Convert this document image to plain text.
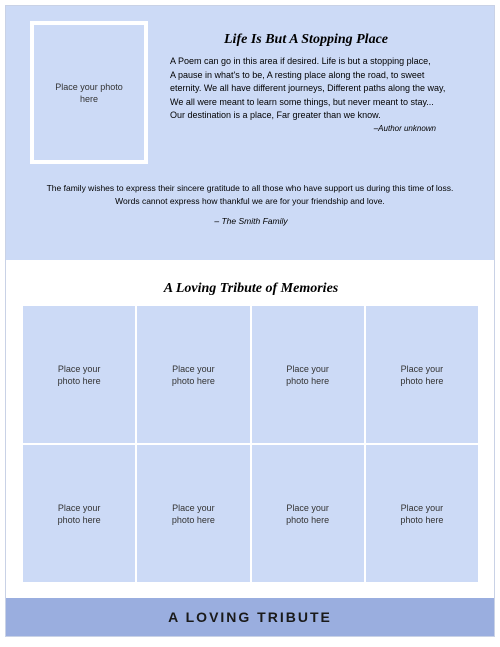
Place your photo here
Life Is But A Stopping Place
A Poem can go in this area if desired. Life is but a stopping place,
A pause in what's to be, A resting place along the road, to sweet
eternity. We all have different journeys, Different paths along the way,
We all were meant to learn some things, but never meant to stay...
Our destination is a place, Far greater than we know.
–Author unknown
The family wishes to express their sincere gratitude to all those who have support us during this time of loss. Words cannot express how thankful we are for your friendship and love.
– The Smith Family
A Loving Tribute of Memories
Place your
photo here
Place your
photo here
Place your
photo here
Place your
photo here
Place your
photo here
Place your
photo here
Place your
photo here
Place your
photo here
A LOVING TRIBUTE
